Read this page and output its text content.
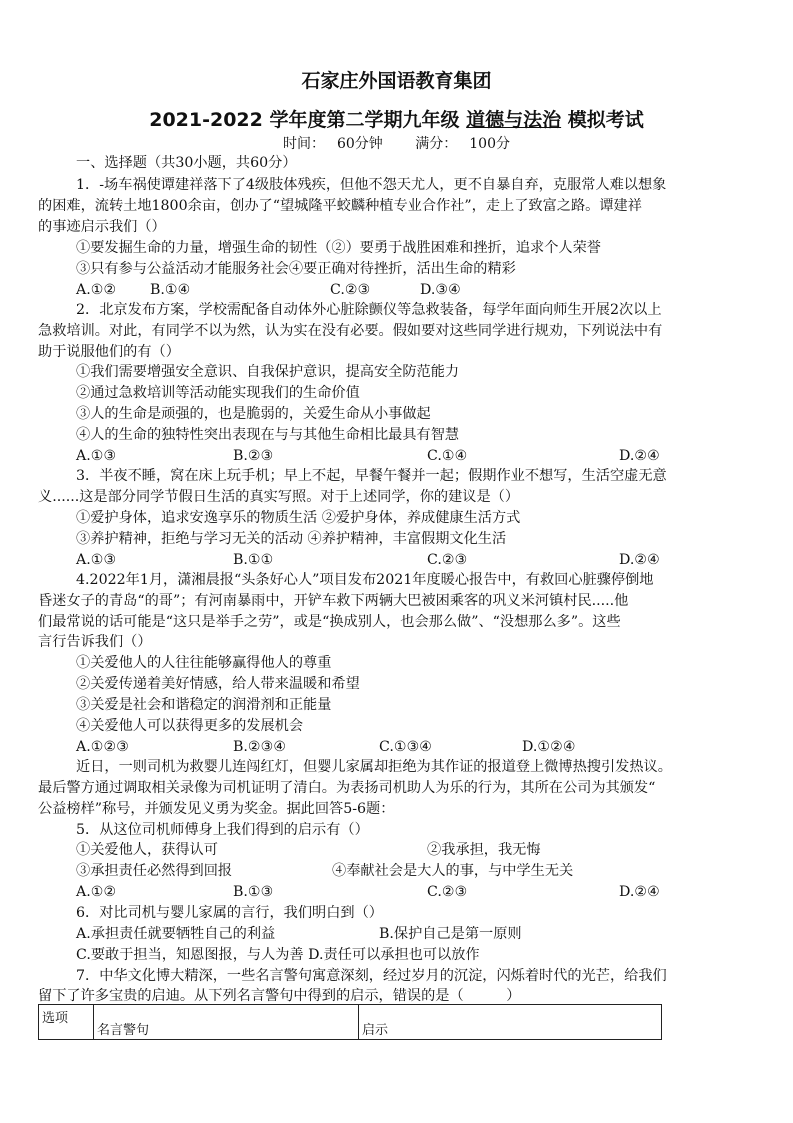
石家庄外国语教育集团
2021-2022 学年度第二学期九年级 道德与法治 模拟考试
时间： 60分钟 满分： 100分
一、选择题（共30小题，共60分）
1．-场车祸使谭建祥落下了4级肢体残疾，但他不怨天尤人，更不自暴自弃，克服常人难以想象
的困难，流转土地1800余亩，创办了“望城隆平蛟麟种植专业合作社”，走上了致富之路。谭建祥
的事迹启示我们（）
①要发掘生命的力量，增强生命的韧性（②）要勇于战胜困难和挫折，追求个人荣誉
③只有参与公益活动才能服务社会④要正确对待挫折，活出生命的精彩
A.①② B.①④	C.②③	D.③④
2．北京发布方案，学校需配备自动体外心脏除颤仪等急救装备，每学年面向师生开展2次以上
急救培训。对此，有同学不以为然，认为实在没有必要。假如要对这些同学进行规劝，下列说法中有
助于说服他们的有（）
①我们需要增强安全意识、自我保护意识，提高安全防范能力
②通过急救培训等活动能实现我们的生命价值
③人的生命是顽强的，也是脆弱的，关爱生命从小事做起
④人的生命的独特性突出表现在与与其他生命相比最具有智慧
A.①③	B.②③	C.①④	D.②④
3．半夜不睡，窝在床上玩手机；早上不起，早餐午餐并一起；假期作业不想写，生活空虚无意
义......这是部分同学节假日生活的真实写照。对于上述同学，你的建议是（）
①爱护身体，追求安逸享乐的物质生活 ②爱护身体，养成健康生活方式
③养护精神，拒绝与学习无关的活动 ④养护精神，丰富假期文化生活
A.①③	B.①①	C.②③	D.②④
4.2022年1月，潇湘晨报“头条好心人”项目发布2021年度暖心报告中，有救回心脏骤停倒地
昏迷女子的青岛“的哥”；有河南暴雨中，开铲车救下两辆大巴被困乘客的巩义米河镇村民.....他
们最常说的话可能是“这只是举手之劳”，或是“换成别人，也会那么做”、“没想那么多”。这些
言行告诉我们（）
①关爱他人的人往往能够赢得他人的尊重
②关爱传递着美好情感，给人带来温暖和希望
③关爱是社会和谐稳定的润滑剂和正能量
④关爱他人可以获得更多的发展机会
A.①②③	B.②③④	C.①③④	D.①②④
近日，一则司机为救婴儿连闯红灯，但婴儿家属却拒绝为其作证的报道登上微博热搜引发热议。
最后警方通过调取相关录像为司机证明了清白。为表扬司机助人为乐的行为，其所在公司为其颁发“
公益榜样”称号，并颁发见义勇为奖金。据此回答5-6题：
5．从这位司机师傅身上我们得到的启示有（）
①关爱他人，获得认可	②我承担，我无悔
③承担责任必然得到回报	④奉献社会是大人的事，与中学生无关
A.①②	B.①③	C.②③	D.②④
6．对比司机与婴儿家属的言行，我们明白到（）
A.承担责任就要牺牲自己的利益	B.保护自己是第一原则
C.要敢于担当，知恩图报，与人为善 D.责任可以承担也可以放作
7．中华文化博大精深，一些名言警句寓意深刻，经过岁月的沉淀，闪烁着时代的光芒，给我们
留下了许多宝贵的启迪。从下列名言警句中得到的启示，错误的是（　　　）
选项	名言警句	启示
